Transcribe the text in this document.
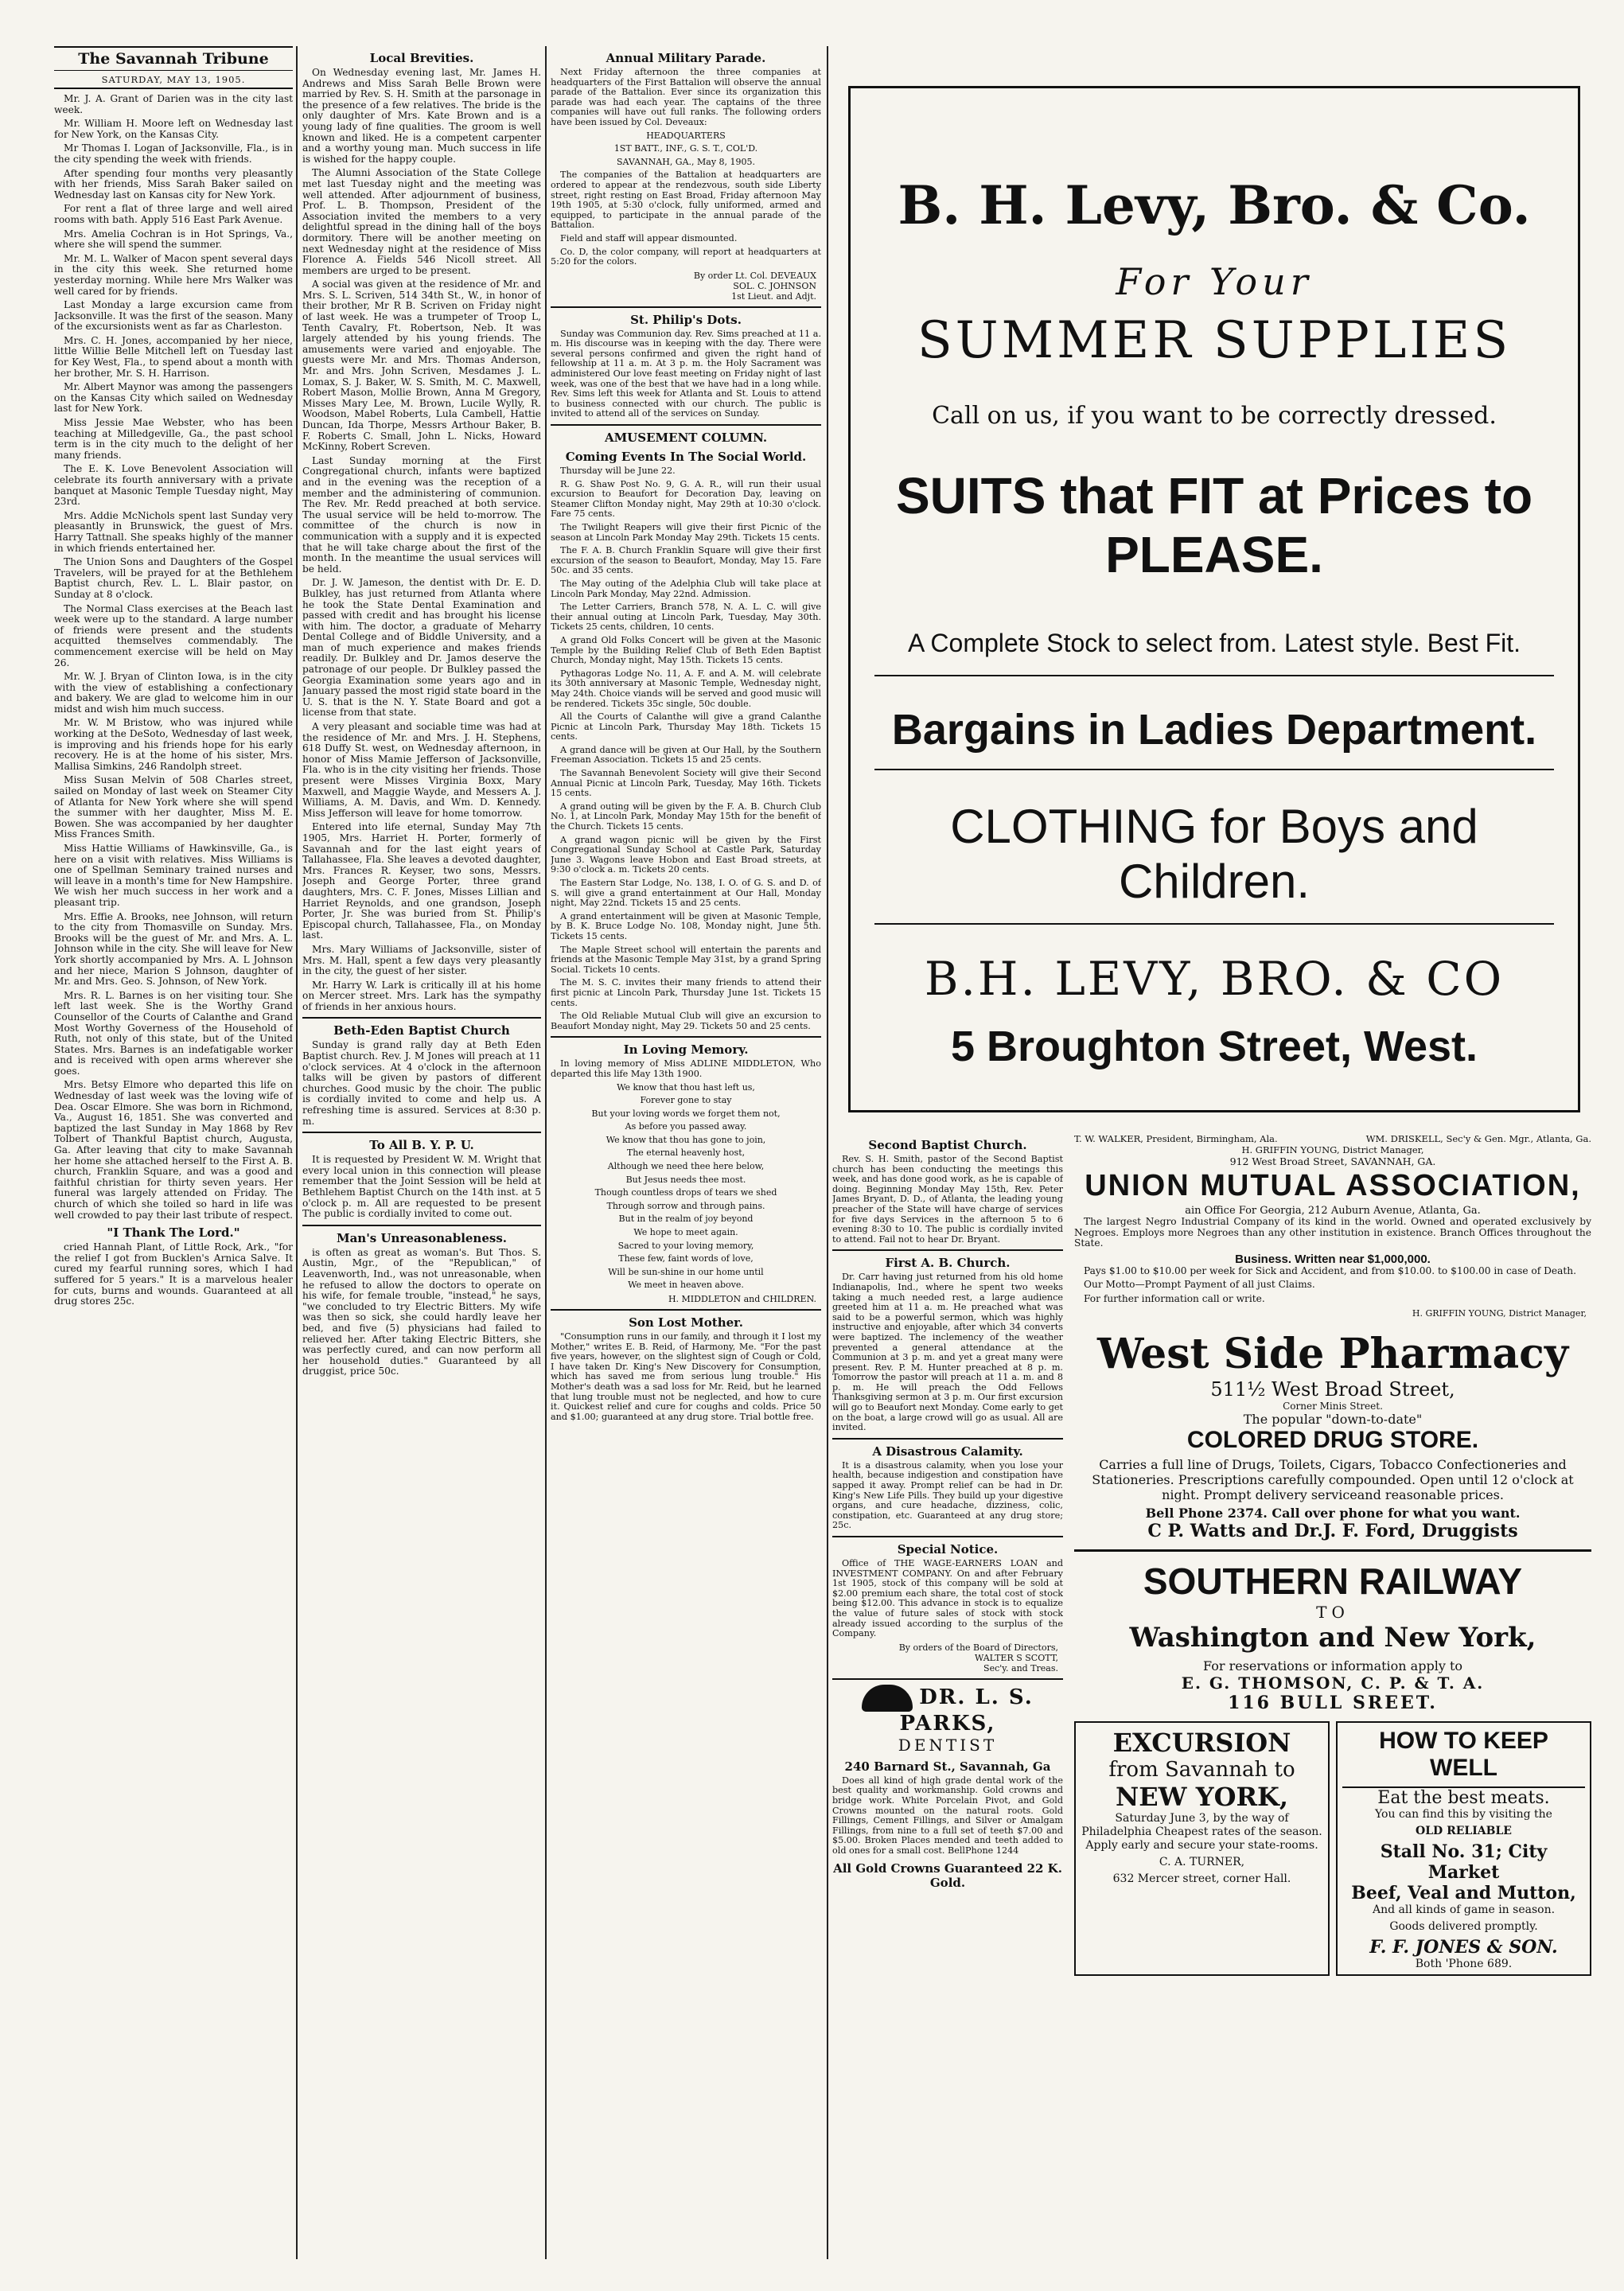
The Savannah Tribune
SATURDAY, MAY 13, 1905.

Mr. J. A. Grant of Darien was in the city last week.

Mr. William H. Moore left on Wednesday last for New York, on the Kansas City.

Mr Thomas I. Logan of Jacksonville, Fla., is in the city spending the week with friends.

After spending four months very pleasantly with her friends, Miss Sarah Baker sailed on Wednesday last on Kansas city for New York.

For rent a flat of three large and well aired rooms with bath. Apply 516 East Park Avenue.

Mrs. Amelia Cochran is in Hot Springs, Va., where she will spend the summer.

Mr. M. L. Walker of Macon spent several days in the city this week. She returned home yesterday morning. While here Mrs Walker was well cared for by friends.

Last Monday a large excursion came from Jacksonville. It was the first of the season. Many of the excursionists went as far as Charleston.

Mrs. C. H. Jones, accompanied by her niece, little Willie Belle Mitchell left on Tuesday last for Key West, Fla., to spend about a month with her brother, Mr. S. H. Harrison.

Mr. Albert Maynor was among the passengers on the Kansas City which sailed on Wednesday last for New York.

Miss Jessie Mae Webster, who has been teaching at Milledgeville, Ga., the past school term is in the city much to the delight of her many friends.

The E. K. Love Benevolent Association will celebrate its fourth anniversary with a private banquet at Masonic Temple Tuesday night, May 23rd.

Mrs. Addie McNichols spent last Sunday very pleasantly in Brunswick, the guest of Mrs. Harry Tattnall. She speaks highly of the manner in which friends entertained her.

The Union Sons and Daughters of the Gospel Travelers, will be prayed for at the Bethlehem Baptist church, Rev. L. L. Blair pastor, on Sunday at 8 o'clock.

The Normal Class exercises at the Beach last week were up to the standard. A large number of friends were present and the students acquitted themselves commendably. The commencement exercise will be held on May 26.

Mr. W. J. Bryan of Clinton Iowa, is in the city with the view of establishing a confectionary and bakery. We are glad to welcome him in our midst and wish him much success.

Mr. W. M Bristow, who was injured while working at the DeSoto, Wednesday of last week, is improving and his friends hope for his early recovery. He is at the home of his sister, Mrs. Mallisa Simkins, 246 Randolph street.

Miss Susan Melvin of 508 Charles street, sailed on Monday of last week on Steamer City of Atlanta for New York where she will spend the summer with her daughter, Miss M. E. Bowen. She was accompanied by her daughter Miss Frances Smith.

Miss Hattie Williams of Hawkinsville, Ga., is here on a visit with relatives. Miss Williams is one of Spellman Seminary trained nurses and will leave in a month's time for New Hampshire. We wish her much success in her work and a pleasant trip.

Mrs. Effie A. Brooks, nee Johnson, will return to the city from Thomasville on Sunday. Mrs. Brooks will be the guest of Mr. and Mrs. A. L. Johnson while in the city. She will leave for New York shortly accompanied by Mrs. A. L Johnson and her niece, Marion S Johnson, daughter of Mr. and Mrs. Geo. S. Johnson, of New York.

Mrs. R. L. Barnes is on her visiting tour. She left last week. She is the Worthy Grand Counsellor of the Courts of Calanthe and Grand Most Worthy Governess of the Household of Ruth, not only of this state, but of the United States. Mrs. Barnes is an indefatigable worker and is received with open arms wherever she goes.

Mrs. Betsy Elmore who departed this life on Wednesday of last week was the loving wife of Dea. Oscar Elmore. She was born in Richmond, Va., August 16, 1851. She was converted and baptized the last Sunday in May 1868 by Rev Tolbert of Thankful Baptist church, Augusta, Ga. After leaving that city to make Savannah her home she attached herself to the First A. B. church, Franklin Square, and was a good and faithful christian for thirty seven years. Her funeral was largely attended on Friday. The church of which she toiled so hard in life was well crowded to pay their last tribute of respect.

"I Thank The Lord."

cried Hannah Plant, of Little Rock, Ark., "for the relief I got from Bucklen's Arnica Salve. It cured my fearful running sores, which I had suffered for 5 years." It is a marvelous healer for cuts, burns and wounds. Guaranteed at all drug stores 25c.

Local Brevities.

On Wednesday evening last, Mr. James H. Andrews and Miss Sarah Belle Brown were married by Rev. S. H. Smith at the parsonage in the presence of a few relatives. The bride is the only daughter of Mrs. Kate Brown and is a young lady of fine qualities. The groom is well known and liked. He is a competent carpenter and a worthy young man. Much success in life is wished for the happy couple.

The Alumni Association of the State College met last Tuesday night and the meeting was well attended. After adjournment of business, Prof. L. B. Thompson, President of the Association invited the members to a very delightful spread in the dining hall of the boys dormitory. There will be another meeting on next Wednesday night at the residence of Miss Florence A. Fields 546 Nicoll street. All members are urged to be present.

A social was given at the residence of Mr. and Mrs. S. L. Scriven, 514 34th St., W., in honor of their brother, Mr R B. Scriven on Friday night of last week. He was a trumpeter of Troop L, Tenth Cavalry, Ft. Robertson, Neb. It was largely attended by his young friends. The amusements were varied and enjoyable. The guests were Mr. and Mrs. Thomas Anderson, Mr. and Mrs. John Scriven, Mesdames J. L. Lomax, S. J. Baker, W. S. Smith, M. C. Maxwell, Robert Mason, Mollie Brown, Anna M Gregory, Misses Mary Lee, M. Brown, Lucile Wylly, R. Woodson, Mabel Roberts, Lula Cambell, Hattie Duncan, Ida Thorpe, Messrs Arthour Baker, B. F. Roberts C. Small, John L. Nicks, Howard McKinny, Robert Screven.

Last Sunday morning at the First Congregational church, infants were baptized and in the evening was the reception of a member and the administering of communion. The Rev. Mr. Redd preached at both service. The usual service will be held to-morrow. The committee of the church is now in communication with a supply and it is expected that he will take charge about the first of the month. In the meantime the usual services will be held.

Dr. J. W. Jameson, the dentist with Dr. E. D. Bulkley, has just returned from Atlanta where he took the State Dental Examination and passed with credit and has brought his license with him. The doctor, a graduate of Meharry Dental College and of Biddle University, and a man of much experience and makes friends readily. Dr. Bulkley and Dr. Jamos deserve the patronage of our people. Dr Bulkley passed the Georgia Examination some years ago and in January passed the most rigid state board in the U. S. that is the N. Y. State Board and got a license from that state.

A very pleasant and sociable time was had at the residence of Mr. and Mrs. J. H. Stephens, 618 Duffy St. west, on Wednesday afternoon, in honor of Miss Mamie Jefferson of Jacksonville, Fla. who is in the city visiting her friends. Those present were Misses Virginia Boxx, Mary Maxwell, and Maggie Wayde, and Messers A. J. Williams, A. M. Davis, and Wm. D. Kennedy. Miss Jefferson will leave for home tomorrow.

Entered into life eternal, Sunday May 7th 1905, Mrs. Harriet H. Porter, formerly of Savannah and for the last eight years of Tallahassee, Fla. She leaves a devoted daughter, Mrs. Frances R. Keyser, two sons, Messrs. Joseph and George Porter, three grand daughters, Mrs. C. F. Jones, Misses Lillian and Harriet Reynolds, and one grandson, Joseph Porter, Jr. She was buried from St. Philip's Episcopal church, Tallahassee, Fla., on Monday last.

Mrs. Mary Williams of Jacksonville, sister of Mrs. M. Hall, spent a few days very pleasantly in the city, the guest of her sister.

Mr. Harry W. Lark is critically ill at his home on Mercer street. Mrs. Lark has the sympathy of friends in her anxious hours.

Beth-Eden Baptist Church

Sunday is grand rally day at Beth Eden Baptist church. Rev. J. M Jones will preach at 11 o'clock services. At 4 o'clock in the afternoon talks will be given by pastors of different churches. Good music by the choir. The public is cordially invited to come and help us. A refreshing time is assured. Services at 8:30 p. m.

To All B. Y. P. U.

It is requested by President W. M. Wright that every local union in this connection will please remember that the Joint Session will be held at Bethlehem Baptist Church on the 14th inst. at 5 o'clock p. m. All are requested to be present The public is cordially invited to come out.

Man's Unreasonableness.

is often as great as woman's. But Thos. S. Austin, Mgr., of the "Republican," of Leavenworth, Ind., was not unreasonable, when he refused to allow the doctors to operate on his wife, for female trouble, "instead," he says, "we concluded to try Electric Bitters. My wife was then so sick, she could hardly leave her bed, and five (5) physicians had failed to relieved her. After taking Electric Bitters, she was perfectly cured, and can now perform all her household duties." Guaranteed by all druggist, price 50c.

Annual Military Parade.

Next Friday afternoon the three companies at headquarters of the First Battalion will observe the annual parade of the Battalion. Ever since its organization this parade was had each year. The captains of the three companies will have out full ranks. The following orders have been issued by Col. Deveaux:

HEADQUARTERS
1ST BATT., INF., G. S. T., COL'D.
SAVANNAH, GA., May 8, 1905.

The companies of the Battalion at headquarters are ordered to appear at the rendezvous, south side Liberty street, right resting on East Broad, Friday afternoon May 19th 1905, at 5:30 o'clock, fully uniformed, armed and equipped, to participate in the annual parade of the Battalion.

Field and staff will appear dismounted.

Co. D, the color company, will report at headquarters at 5:20 for the colors.

By order Lt. Col. DEVEAUX
SOL. C. JOHNSON
1st Lieut. and Adjt.
St. Philip's Dots.

Sunday was Communion day. Rev. Sims preached at 11 a. m. His discourse was in keeping with the day. There were several persons confirmed and given the right hand of fellowship at 11 a. m. At 3 p. m. the Holy Sacrament was administered Our love feast meeting on Friday night of last week, was one of the best that we have had in a long while. Rev. Sims left this week for Atlanta and St. Louis to attend to business connected with our church. The public is invited to attend all of the services on Sunday.

AMUSEMENT COLUMN.
Coming Events In The Social World.

Thursday will be June 22.

R. G. Shaw Post No. 9, G. A. R., will run their usual excursion to Beaufort for Decoration Day, leaving on Steamer Clifton Monday night, May 29th at 10:30 o'clock. Fare 75 cents.

The Twilight Reapers will give their first Picnic of the season at Lincoln Park Monday May 29th. Tickets 15 cents.

The F. A. B. Church Franklin Square will give their first excursion of the season to Beaufort, Monday, May 15. Fare 50c. and 35 cents.

The May outing of the Adelphia Club will take place at Lincoln Park Monday, May 22nd. Admission.

The Letter Carriers, Branch 578, N. A. L. C. will give their annual outing at Lincoln Park, Tuesday, May 30th. Tickets 25 cents, children, 10 cents.

A grand Old Folks Concert will be given at the Masonic Temple by the Building Relief Club of Beth Eden Baptist Church, Monday night, May 15th. Tickets 15 cents.

Pythagoras Lodge No. 11, A. F. and A. M. will celebrate its 30th anniversary at Masonic Temple, Wednesday night, May 24th. Choice viands will be served and good music will be rendered. Tickets 35c single, 50c double.

All the Courts of Calanthe will give a grand Calanthe Picnic at Lincoln Park, Thursday May 18th. Tickets 15 cents.

A grand dance will be given at Our Hall, by the Southern Freeman Association. Tickets 15 and 25 cents.

The Savannah Benevolent Society will give their Second Annual Picnic at Lincoln Park, Tuesday, May 16th. Tickets 15 cents.

A grand outing will be given by the F. A. B. Church Club No. 1, at Lincoln Park, Monday May 15th for the benefit of the Church. Tickets 15 cents.

A grand wagon picnic will be given by the First Congregational Sunday School at Castle Park, Saturday June 3. Wagons leave Hobon and East Broad streets, at 9:30 o'clock a. m. Tickets 20 cents.

The Eastern Star Lodge, No. 138, I. O. of G. S. and D. of S. will give a grand entertainment at Our Hall, Monday night, May 22nd. Tickets 15 and 25 cents.

A grand entertainment will be given at Masonic Temple, by B. K. Bruce Lodge No. 108, Monday night, June 5th. Tickets 15 cents.

The Maple Street school will entertain the parents and friends at the Masonic Temple May 31st, by a grand Spring Social. Tickets 10 cents.

The M. S. C. invites their many friends to attend their first picnic at Lincoln Park, Thursday June 1st. Tickets 15 cents.

The Old Reliable Mutual Club will give an excursion to Beaufort Monday night, May 29. Tickets 50 and 25 cents.

In Loving Memory.

In loving memory of Miss ADLINE MIDDLETON, Who departed this life May 13th 1900.

We know that thou hast left us,
Forever gone to stay
But your loving words we forget them not,
As before you passed away.
We know that thou has gone to join,
The eternal heavenly host,
Although we need thee here below,
But Jesus needs thee most.
Though countless drops of tears we shed
Through sorrow and through pains.
But in the realm of joy beyond
We hope to meet again.
Sacred to your loving memory,
These few, faint words of love,
Will be sun-shine in our home until
We meet in heaven above.
H. MIDDLETON and CHILDREN.
Son Lost Mother.

"Consumption runs in our family, and through it I lost my Mother," writes E. B. Reid, of Harmony, Me. "For the past five years, however, on the slightest sign of Cough or Cold, I have taken Dr. King's New Discovery for Consumption, which has saved me from serious lung trouble." His Mother's death was a sad loss for Mr. Reid, but he learned that lung trouble must not be neglected, and how to cure it. Quickest relief and cure for coughs and colds. Price 50 and $1.00; guaranteed at any drug store. Trial bottle free.

B. H. Levy, Bro. & Co.
For Your
SUMMER SUPPLIES
Call on us, if you want to be correctly dressed.
SUITS that FIT at Prices to PLEASE.
A Complete Stock to select from. Latest style. Best Fit.
Bargains in Ladies Department.
CLOTHING for Boys and Children.
B.H. LEVY, BRO. & CO
5 Broughton Street, West.
Second Baptist Church.

Rev. S. H. Smith, pastor of the Second Baptist church has been conducting the meetings this week, and has done good work, as he is capable of doing. Beginning Monday May 15th, Rev. Peter James Bryant, D. D., of Atlanta, the leading young preacher of the State will have charge of services for five days Services in the afternoon 5 to 6 evening 8:30 to 10. The public is cordially invited to attend. Fail not to hear Dr. Bryant.

First A. B. Church.

Dr. Carr having just returned from his old home Indianapolis, Ind., where he spent two weeks taking a much needed rest, a large audience greeted him at 11 a. m. He preached what was said to be a powerful sermon, which was highly instructive and enjoyable, after which 34 converts were baptized. The inclemency of the weather prevented a general attendance at the Communion at 3 p. m. and yet a great many were present. Rev. P. M. Hunter preached at 8 p. m. Tomorrow the pastor will preach at 11 a. m. and 8 p. m. He will preach the Odd Fellows Thanksgiving sermon at 3 p. m. Our first excursion will go to Beaufort next Monday. Come early to get on the boat, a large crowd will go as usual. All are invited.

A Disastrous Calamity.

It is a disastrous calamity, when you lose your health, because indigestion and constipation have sapped it away. Prompt relief can be had in Dr. King's New Life Pills. They build up your digestive organs, and cure headache, dizziness, colic, constipation, etc. Guaranteed at any drug store; 25c.

Special Notice.

Office of THE WAGE-EARNERS LOAN and INVESTMENT COMPANY. On and after February 1st 1905, stock of this company will be sold at $2.00 premium each share, the total cost of stock being $12.00. This advance in stock is to equalize the value of future sales of stock with stock already issued according to the surplus of the Company.

By orders of the Board of Directors,
WALTER S SCOTT,
Sec'y. and Treas.
DR. L. S. PARKS,
DENTIST
240 Barnard St., Savannah, Ga

Does all kind of high grade dental work of the best quality and workmanship. Gold crowns and bridge work. White Porcelain Pivot, and Gold Crowns mounted on the natural roots. Gold Fillings, Cement Fillings, and Silver or Amalgam Fillings, from nine to a full set of teeth $7.00 and $5.00. Broken Places mended and teeth added to old ones for a small cost. BellPhone 1244

All Gold Crowns Guaranteed 22 K. Gold.
T. W. WALKER, President, Birmingham, Ala.	WM. DRISKELL, Sec'y & Gen. Mgr., Atlanta, Ga.
H. GRIFFIN YOUNG, District Manager,
912 West Broad Street, SAVANNAH, GA.
UNION MUTUAL ASSOCIATION,
ain Office For Georgia, 212 Auburn Avenue, Atlanta, Ga.

The largest Negro Industrial Company of its kind in the world. Owned and operated exclusively by Negroes. Employs more Negroes than any other institution in existence. Branch Offices throughout the State.

Business. Written near $1,000,000.

Pays $1.00 to $10.00 per week for Sick and Accident, and from $10.00. to $100.00 in case of Death.

Our Motto—Prompt Payment of all just Claims.

For further information call or write.

H. GRIFFIN YOUNG, District Manager,
West Side Pharmacy
511½ West Broad Street,
Corner Minis Street.
The popular "down-to-date"
COLORED DRUG STORE.
Carries a full line of Drugs, Toilets, Cigars, Tobacco Confectioneries and Stationeries. Prescriptions carefully compounded. Open until 12 o'clock at night. Prompt delivery serviceand reasonable prices.
Bell Phone 2374. Call over phone for what you want.
C P. Watts and Dr.J. F. Ford, Druggists
SOUTHERN RAILWAY
TO
Washington and New York,
For reservations or information apply to
E. G. THOMSON, C. P. & T. A.
116 BULL SREET.
EXCURSION
from Savannah to
NEW YORK,

Saturday June 3, by the way of Philadelphia Cheapest rates of the season. Apply early and secure your state-rooms.

C. A. TURNER,

632 Mercer street, corner Hall.

HOW TO KEEP WELL
Eat the best meats.

You can find this by visiting the

OLD RELIABLE

Stall No. 31; City Market
Beef, Veal and Mutton,

And all kinds of game in season.

Goods delivered promptly.

F. F. JONES & SON.

Both 'Phone 689.
